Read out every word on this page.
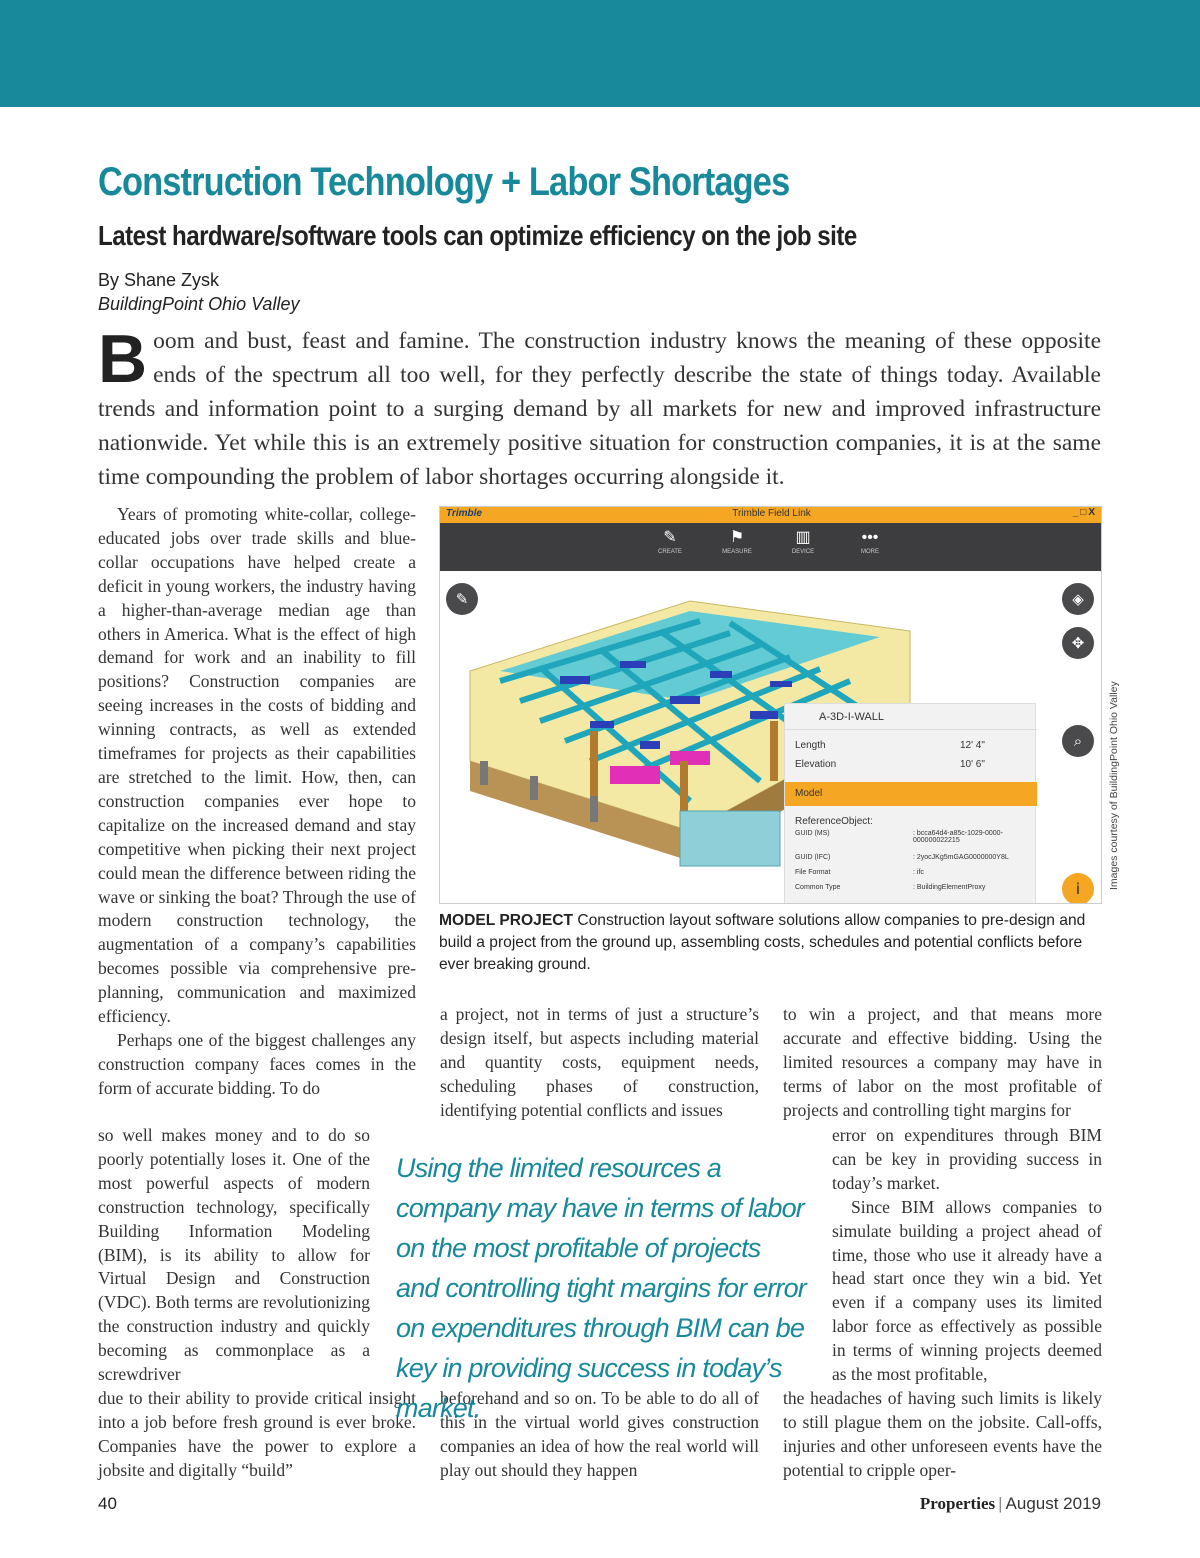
Construction Technology + Labor Shortages
Latest hardware/software tools can optimize efficiency on the job site
By Shane Zysk
BuildingPoint Ohio Valley
Boom and bust, feast and famine. The construction industry knows the meaning of these opposite ends of the spectrum all too well, for they perfectly describe the state of things today. Available trends and information point to a surging demand by all markets for new and improved infrastructure nationwide. Yet while this is an extremely positive situation for construction companies, it is at the same time compounding the problem of labor shortages occurring alongside it.

Years of promoting white-collar, college-educated jobs over trade skills and blue-collar occupations have helped create a deficit in young workers, the industry having a higher-than-average median age than others in America. What is the effect of high demand for work and an inability to fill positions? Construction companies are seeing increases in the costs of bidding and winning contracts, as well as extended timeframes for projects as their capabilities are stretched to the limit. How, then, can construction companies ever hope to capitalize on the increased demand and stay competitive when picking their next project could mean the difference between riding the wave or sinking the boat? Through the use of modern construction technology, the augmentation of a company’s capabilities becomes possible via comprehensive pre-planning, communication and maximized efficiency.

Perhaps one of the biggest challenges any construction company faces comes in the form of accurate bidding. To do

so well makes money and to do so poorly potentially loses it. One of the most powerful aspects of modern construction technology, specifically Building Information Modeling (BIM), is its ability to allow for Virtual Design and Construction (VDC). Both terms are revolutionizing the construction industry and quickly becoming as commonplace as a screwdriver

due to their ability to provide critical insight into a job before fresh ground is ever broke. Companies have the power to explore a jobsite and digitally “build”

Trimble	Trimble Field Link	_□X
✎
CREATE
⚑
MEASURE
▥
DEVICE
•••
MORE
✎	◈
✥
⌕
i
A-3D-I-WALL
Length	12' 4"
Elevation	10' 6"
Model
ReferenceObject:
GUID (MS)	: bcca64d4-a85c-1029-0000-000000022215
GUID (IFC)	: 2yocJKg5mGAG0000000Y8L
File Format	: ifc
Common Type	: BuildingElementProxy
MODEL PROJECT Construction layout software solutions allow companies to pre-design and build a project from the ground up, assembling costs, schedules and potential conflicts before ever breaking ground.
Images courtesy of BuildingPoint Ohio Valley

a project, not in terms of just a structure’s design itself, but aspects including material and quantity costs, equipment needs, scheduling phases of construction, identifying potential conflicts and issues

beforehand and so on. To be able to do all of this in the virtual world gives construction companies an idea of how the real world will play out should they happen

Using the limited resources a company may have in terms of labor on the most profitable of projects and controlling tight margins for error on expenditures through BIM can be key in providing success in today’s market.

to win a project, and that means more accurate and effective bidding. Using the limited resources a company may have in terms of labor on the most profitable of projects and controlling tight margins for

error on expenditures through BIM can be key in providing success in today’s market.

Since BIM allows companies to simulate building a project ahead of time, those who use it already have a head start once they win a bid. Yet even if a company uses its limited labor force as effectively as possible in terms of winning projects deemed as the most profitable,

the headaches of having such limits is likely to still plague them on the jobsite. Call-offs, injuries and other unforeseen events have the potential to cripple oper-

40	Properties | August 2019
